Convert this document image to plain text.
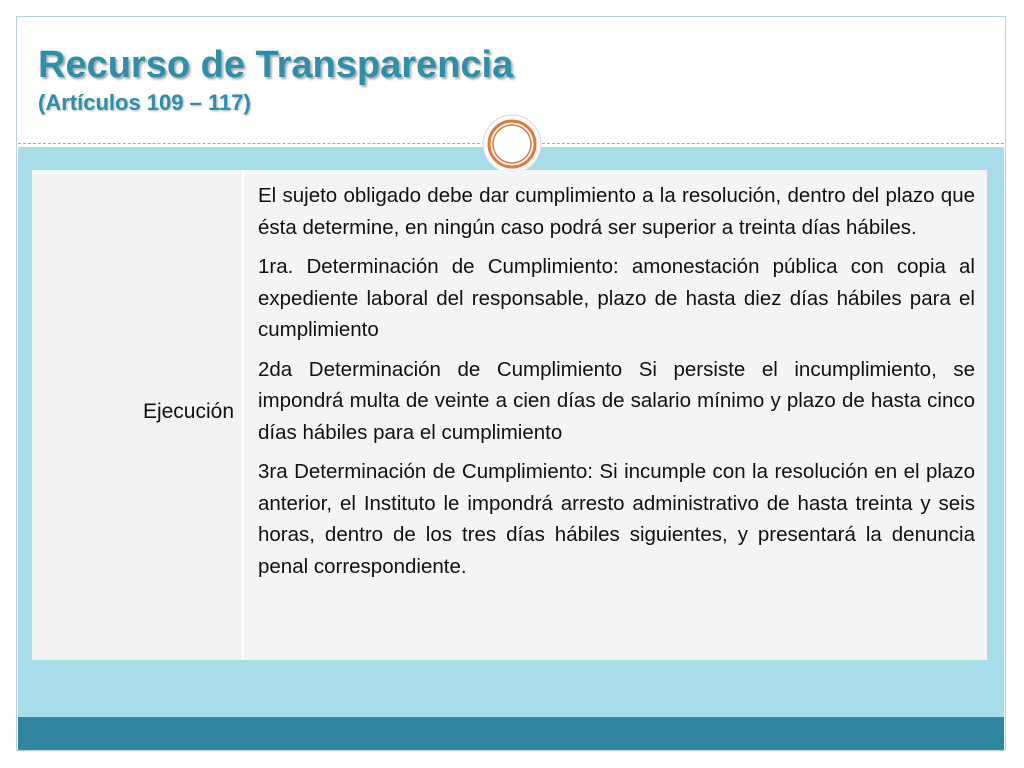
Recurso de Transparencia
(Artículos 109 – 117)
Ejecución

El sujeto obligado debe dar cumplimiento a la resolución, dentro del plazo que ésta determine, en ningún caso podrá ser superior a treinta días hábiles.

1ra. Determinación de Cumplimiento: amonestación pública con copia al expediente laboral del responsable, plazo de hasta diez días hábiles para el cumplimiento

2da Determinación de Cumplimiento Si persiste el incumplimiento, se impondrá multa de veinte a cien días de salario mínimo y plazo de hasta cinco días hábiles para el cumplimiento

3ra Determinación de Cumplimiento: Si incumple con la resolución en el plazo anterior, el Instituto le impondrá arresto administrativo de hasta treinta y seis horas, dentro de los tres días hábiles siguientes, y presentará la denuncia penal correspondiente.
